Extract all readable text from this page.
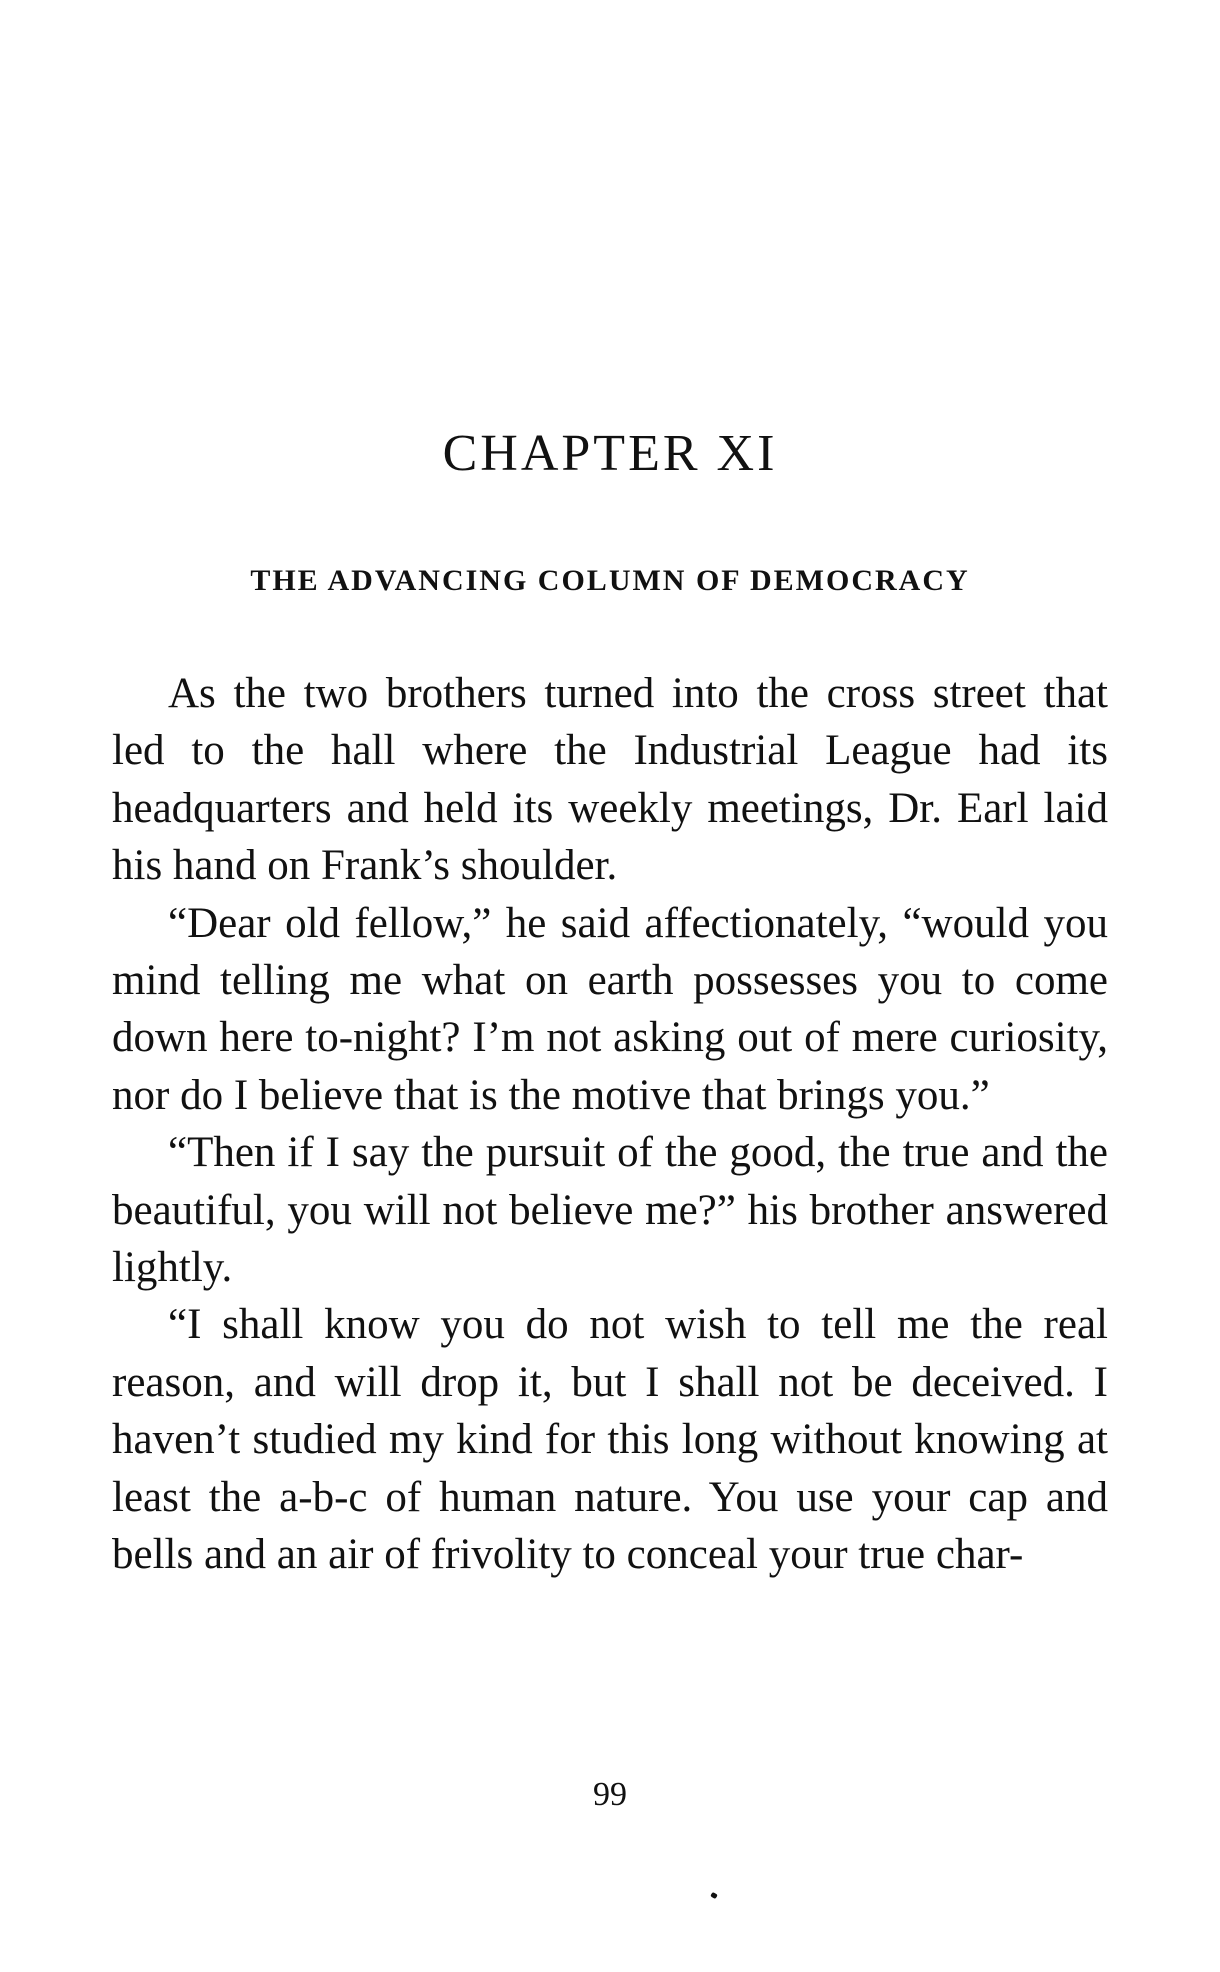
CHAPTER XI
THE ADVANCING COLUMN OF DEMOCRACY

As the two brothers turned into the cross street that led to the hall where the Industrial League had its headquarters and held its weekly meetings, Dr. Earl laid his hand on Frank’s shoulder.

“Dear old fellow,” he said affectionately, “would you mind telling me what on earth possesses you to come down here to-night? I’m not asking out of mere curiosity, nor do I believe that is the motive that brings you.”

“Then if I say the pursuit of the good, the true and the beautiful, you will not believe me?” his brother answered lightly.

“I shall know you do not wish to tell me the real reason, and will drop it, but I shall not be deceived. I haven’t studied my kind for this long without knowing at least the a-b-c of human nature. You use your cap and bells and an air of frivolity to conceal your true char-

99
